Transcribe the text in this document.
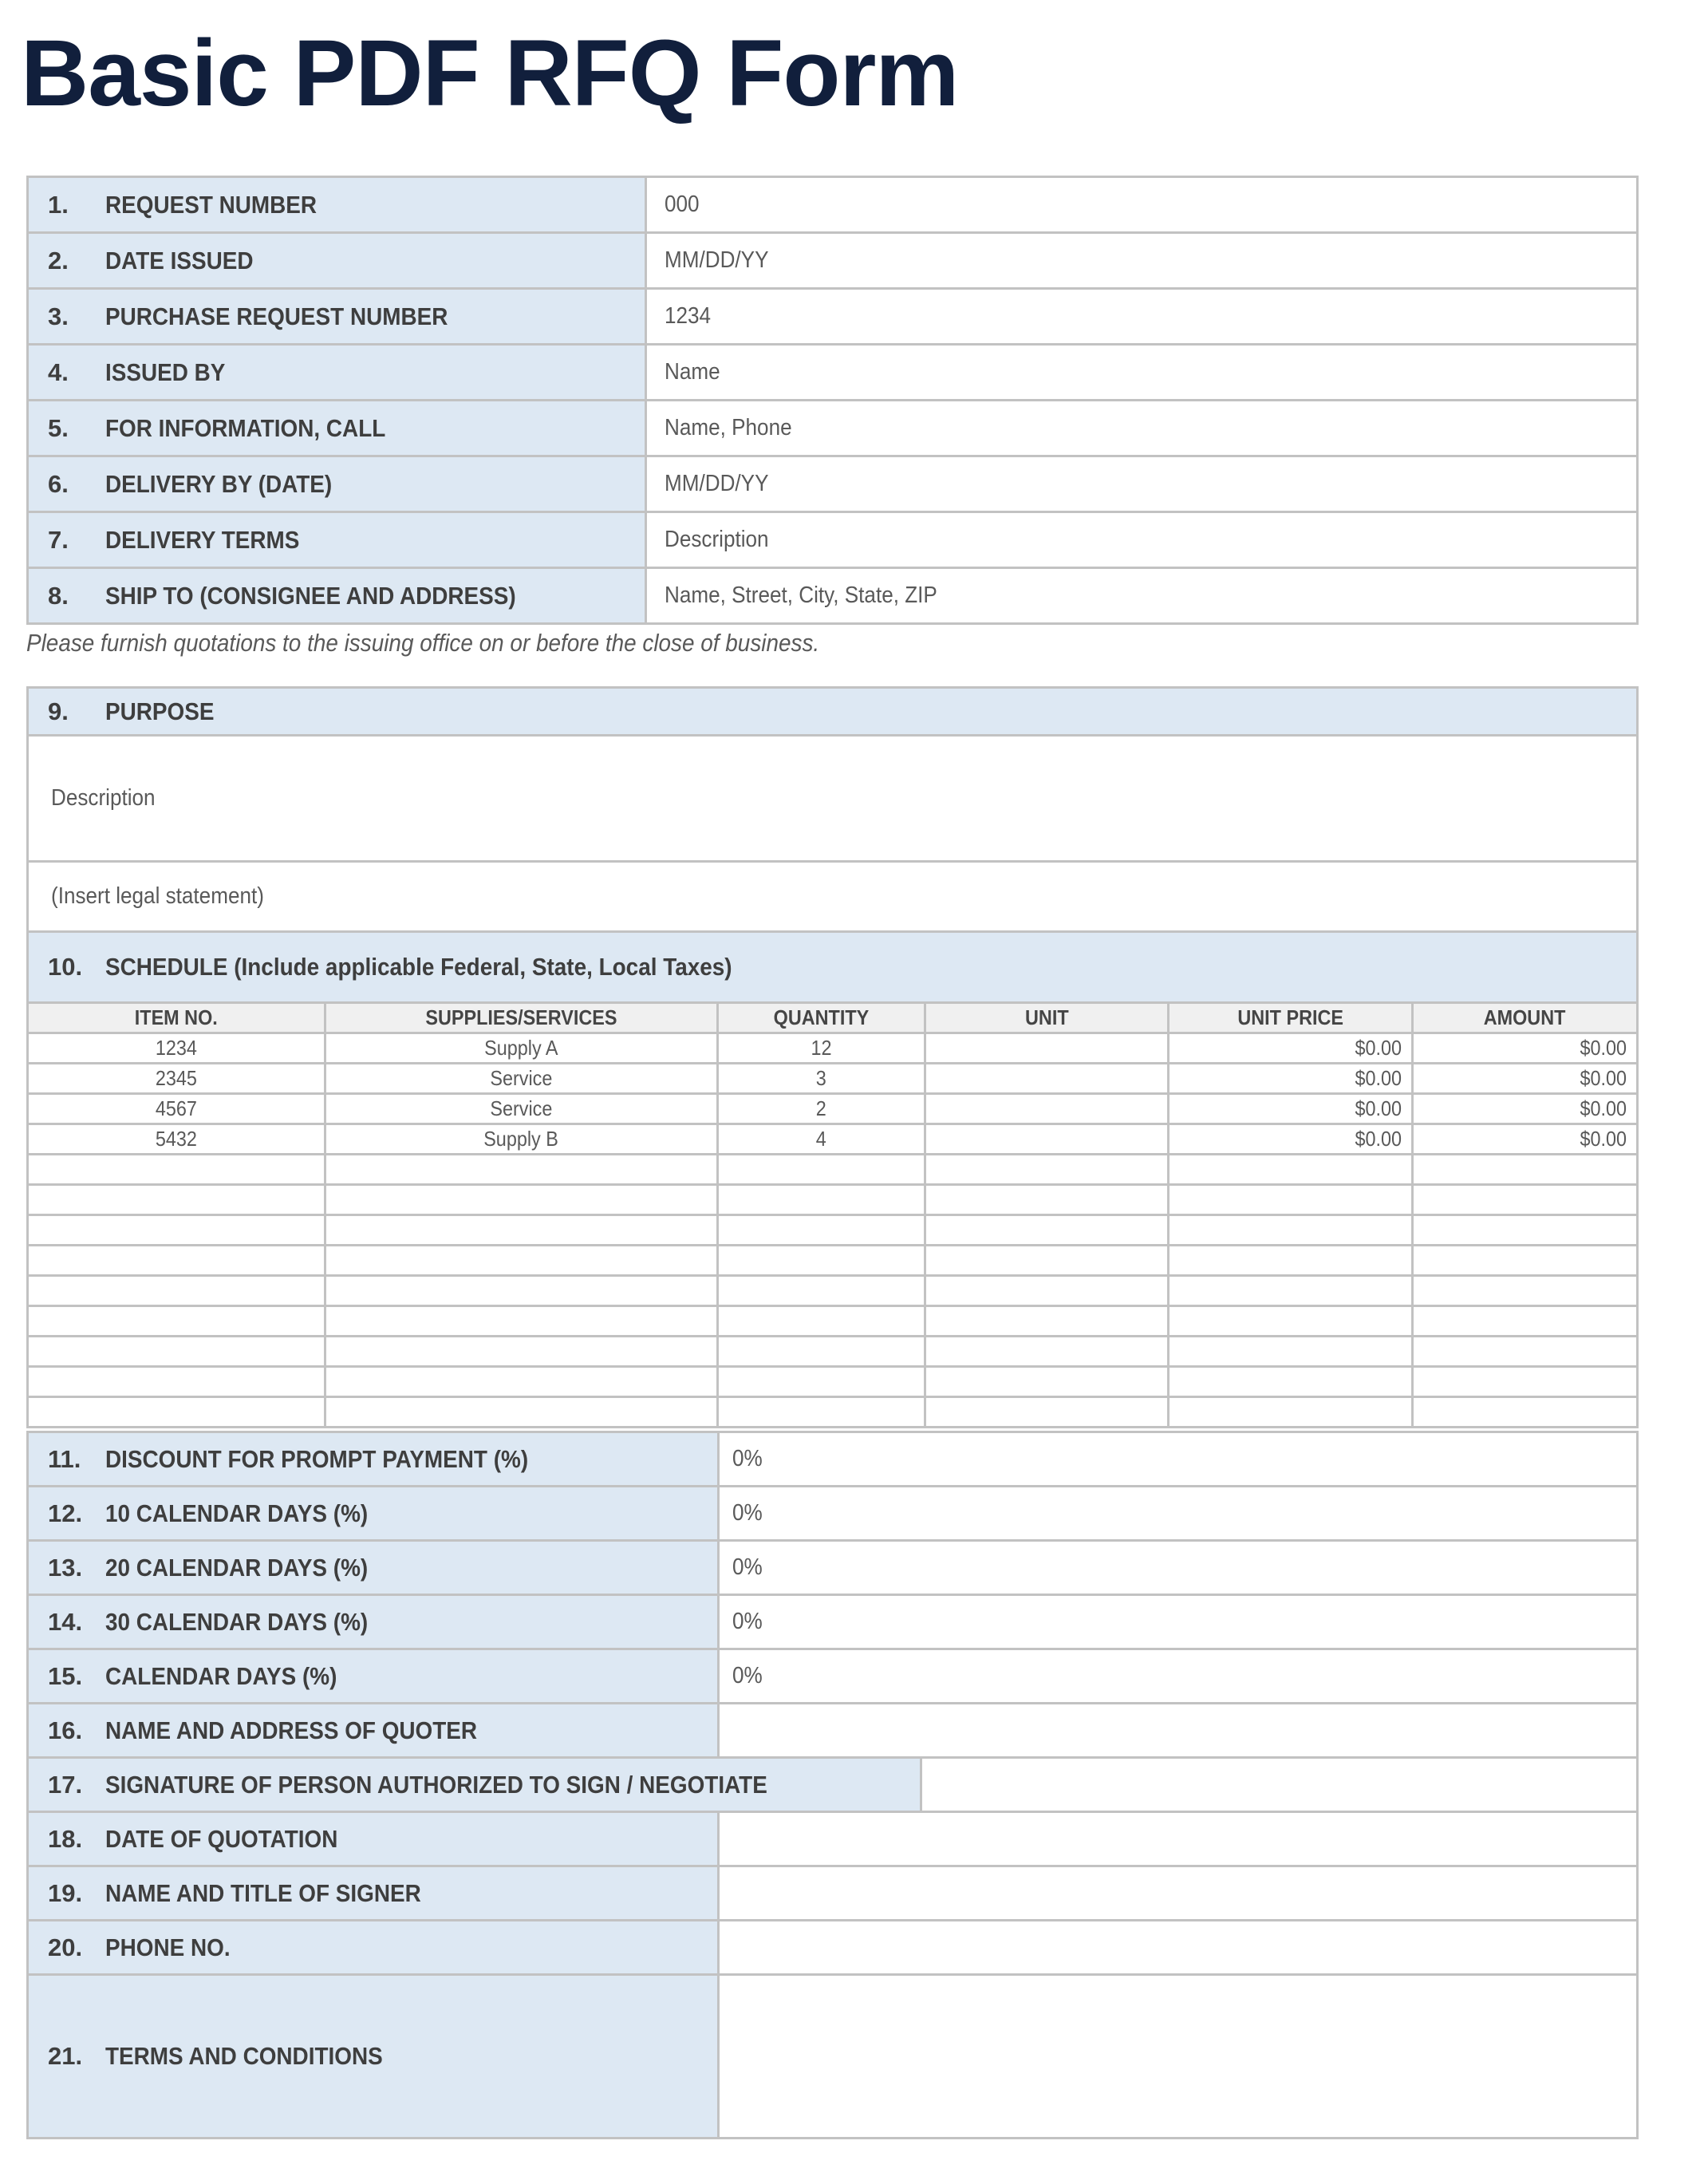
Basic PDF RFQ Form
1. REQUEST NUMBER	000
2. DATE ISSUED	MM/DD/YY
3. PURCHASE REQUEST NUMBER	1234
4. ISSUED BY	Name
5. FOR INFORMATION, CALL	Name, Phone
6. DELIVERY BY (DATE)	MM/DD/YY
7. DELIVERY TERMS	Description
8. SHIP TO (CONSIGNEE AND ADDRESS)	Name, Street, City, State, ZIP
Please furnish quotations to the issuing office on or before the close of business.
9. PURPOSE
Description
(Insert legal statement)
10. SCHEDULE (Include applicable Federal, State, Local Taxes)
ITEM NO.	SUPPLIES/SERVICES	QUANTITY	UNIT	UNIT PRICE	AMOUNT
1234	Supply A	12		$0.00	$0.00
2345	Service	3		$0.00	$0.00
4567	Service	2		$0.00	$0.00
5432	Supply B	4		$0.00	$0.00

11. DISCOUNT FOR PROMPT PAYMENT (%)	0%	
12. 10 CALENDAR DAYS (%)	0%	
13. 20 CALENDAR DAYS (%)	0%	
14. 30 CALENDAR DAYS (%)	0%	
15. CALENDAR DAYS (%)	0%	
16. NAME AND ADDRESS OF QUOTER		
17. SIGNATURE OF PERSON AUTHORIZED TO SIGN / NEGOTIATE		
18. DATE OF QUOTATION		
19. NAME AND TITLE OF SIGNER		
20. PHONE NO.		
21. TERMS AND CONDITIONS		
